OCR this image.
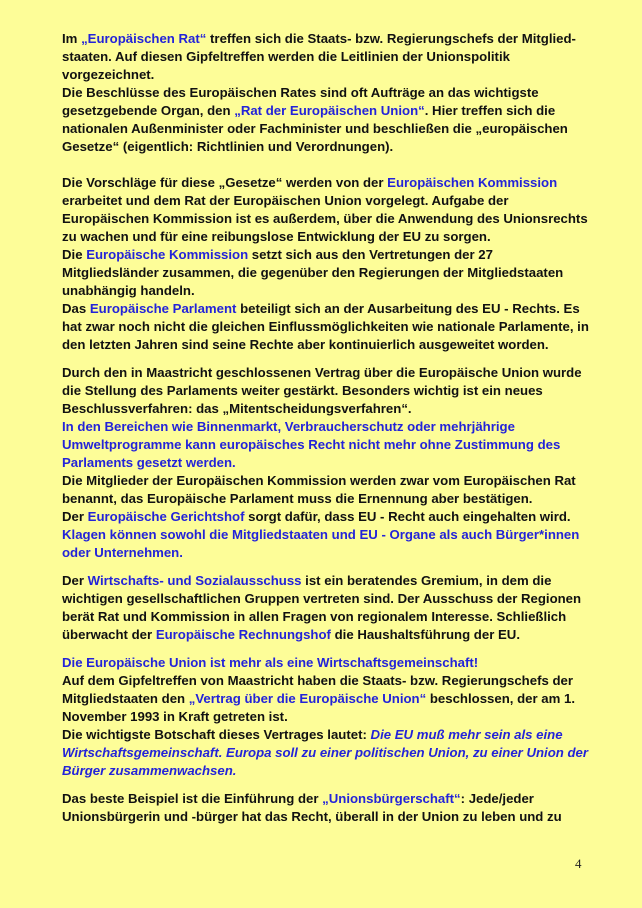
Im „Europäischen Rat“ treffen sich die Staats- bzw. Regierungschefs der Mitglied-staaten. Auf diesen Gipfeltreffen werden die Leitlinien der Unionspolitik vorgezeichnet.

Die Beschlüsse des Europäischen Rates sind oft Aufträge an das wichtigste gesetzgebende Organ, den „Rat der Europäischen Union“. Hier treffen sich die nationalen Außenminister oder Fachminister und beschließen die „europäischen Gesetze“ (eigentlich: Richtlinien und Verordnungen).

Die Vorschläge für diese „Gesetze“ werden von der Europäischen Kommission erarbeitet und dem Rat der Europäischen Union vorgelegt. Aufgabe der Europäischen Kommission ist es außerdem, über die Anwendung des Unionsrechts zu wachen und für eine reibungslose Entwicklung der EU zu sorgen.

Die Europäische Kommission setzt sich aus den Vertretungen der 27 Mitgliedsländer zusammen, die gegenüber den Regierungen der Mitgliedstaaten unabhängig handeln.

Das Europäische Parlament beteiligt sich an der Ausarbeitung des EU - Rechts. Es hat zwar noch nicht die gleichen Einflussmöglichkeiten wie nationale Parlamente, in den letzten Jahren sind seine Rechte aber kontinuierlich ausgeweitet worden.

Durch den in Maastricht geschlossenen Vertrag über die Europäische Union wurde die Stellung des Parlaments weiter gestärkt. Besonders wichtig ist ein neues Beschlussverfahren: das „Mitentscheidungsverfahren“.

In den Bereichen wie Binnenmarkt, Verbraucherschutz oder mehrjährige Umweltprogramme kann europäisches Recht nicht mehr ohne Zustimmung des Parlaments gesetzt werden.

Die Mitglieder der Europäischen Kommission werden zwar vom Europäischen Rat benannt, das Europäische Parlament muss die Ernennung aber bestätigen.

Der Europäische Gerichtshof sorgt dafür, dass EU - Recht auch eingehalten wird.

Klagen können sowohl die Mitgliedstaaten und EU - Organe als auch Bürger*innen oder Unternehmen.

Der Wirtschafts- und Sozialausschuss ist ein beratendes Gremium, in dem die wichtigen gesellschaftlichen Gruppen vertreten sind. Der Ausschuss der Regionen berät Rat und Kommission in allen Fragen von regionalem Interesse. Schließlich überwacht der Europäische Rechnungshof die Haushaltsführung der EU.

Die Europäische Union ist mehr als eine Wirtschaftsgemeinschaft!

Auf dem Gipfeltreffen von Maastricht haben die Staats- bzw. Regierungschefs der Mitgliedstaaten den „Vertrag über die Europäische Union“ beschlossen, der am 1. November 1993 in Kraft getreten ist.

Die wichtigste Botschaft dieses Vertrages lautet: Die EU muß mehr sein als eine Wirtschaftsgemeinschaft. Europa soll zu einer politischen Union, zu einer Union der Bürger zusammenwachsen.

Das beste Beispiel ist die Einführung der „Unionsbürgerschaft“: Jede/jeder Unionsbürgerin und -bürger hat das Recht, überall in der Union zu leben und zu

4
